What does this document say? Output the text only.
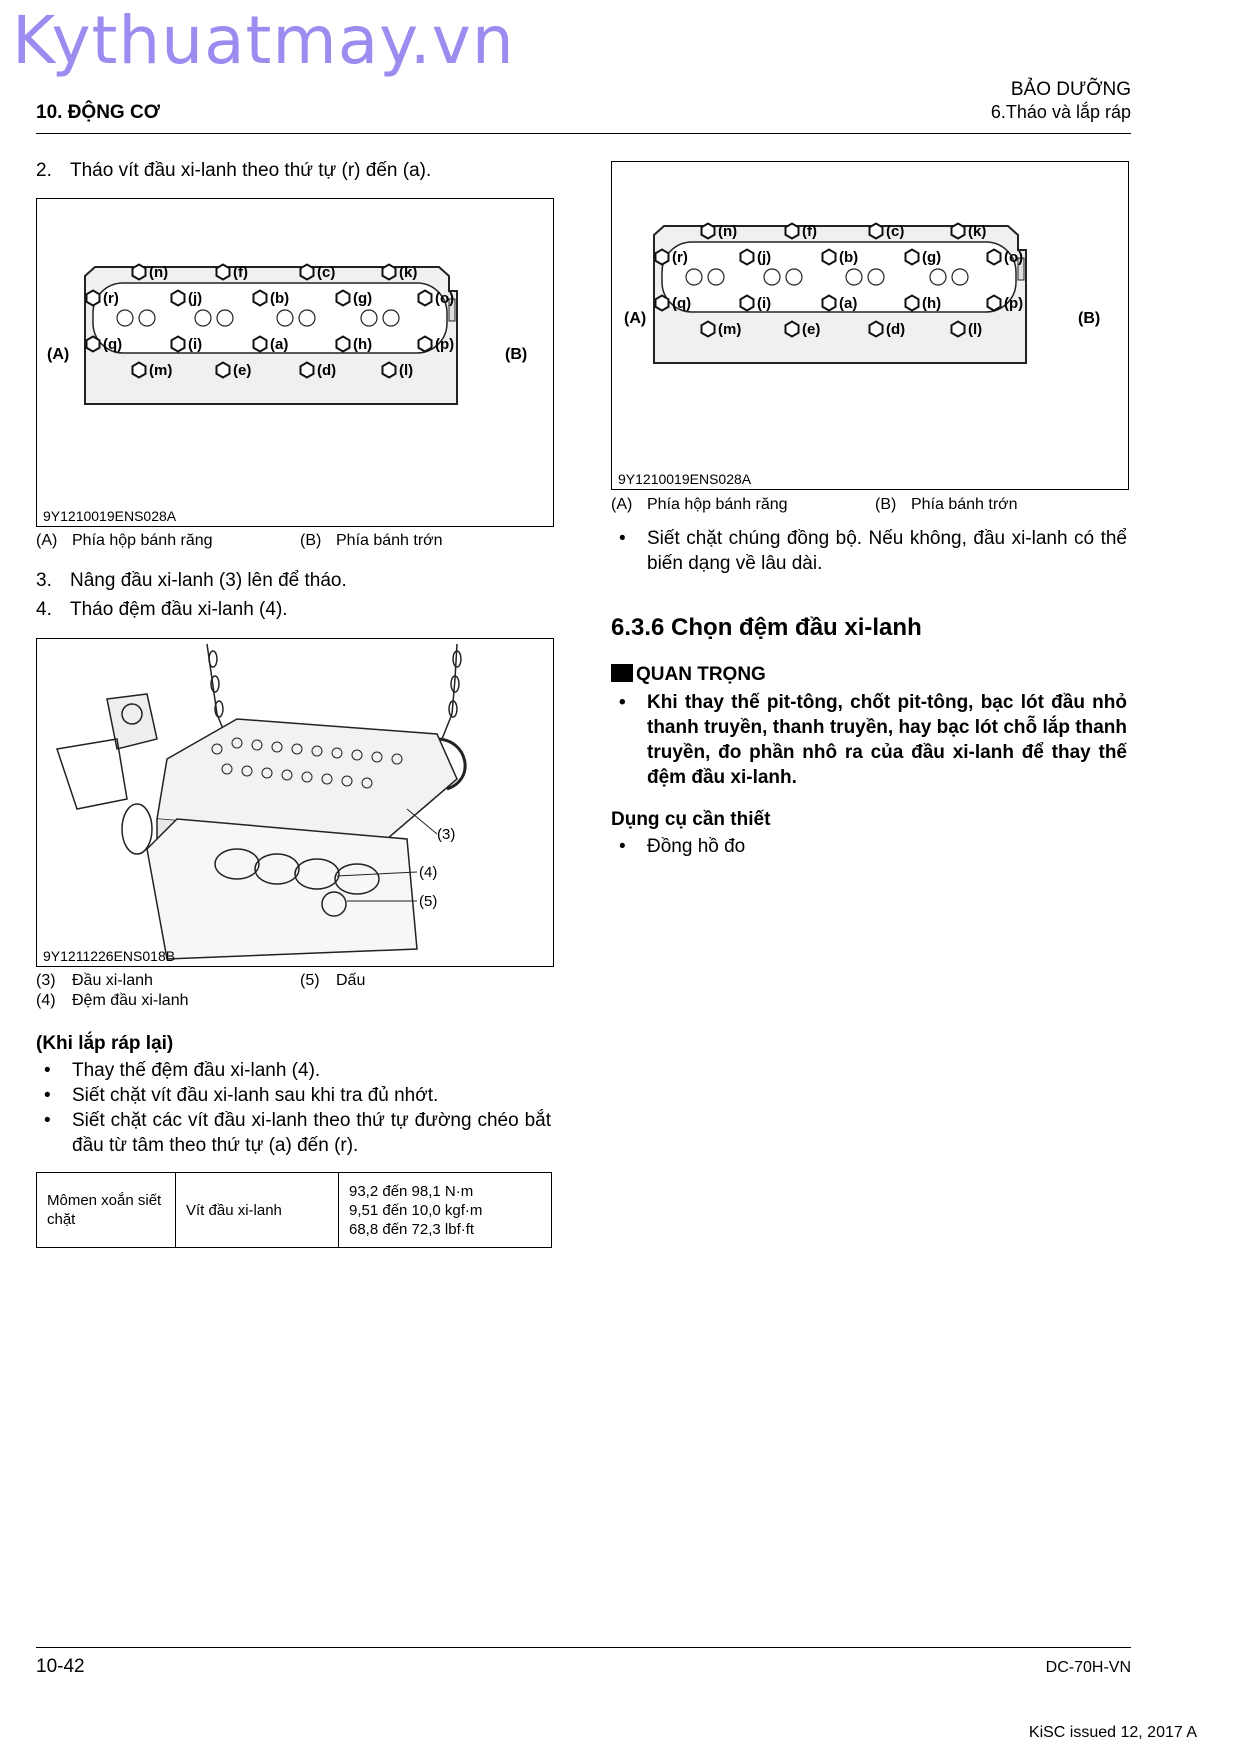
Kythuatmay.vn
10. ĐỘNG CƠ
BẢO DƯỠNG
6.Tháo và lắp ráp
2. Tháo vít đầu xi-lanh theo thứ tự (r) đến (a).
(n)	(f)	(c)	(k)
(r)	(j)	(b)	(g)	(o)
(q)	(i)	(a)	(h)	(p)
(m)	(e)	(d)	(l)
(A)	(B)
9Y1210019ENS028A
(A) Phía hộp bánh răng	(B) Phía bánh trớn
3. Nâng đầu xi-lanh (3) lên để tháo.
4. Tháo đệm đầu xi-lanh (4).
(3)
(4)
(5)
9Y1211226ENS018B
(3) Đầu xi-lanh	(5) Dấu
(4) Đệm đầu xi-lanh
(Khi lắp ráp lại)
• Thay thế đệm đầu xi-lanh (4).
• Siết chặt vít đầu xi-lanh sau khi tra đủ nhớt.
• Siết chặt các vít đầu xi-lanh theo thứ tự đường chéo bắt đầu từ tâm theo thứ tự (a) đến (r).
Mômen xoắn siết chặt	Vít đầu xi-lanh	
93,2 đến 98,1 N·m
9,51 đến 10,0 kgf·m
68,8 đến 72,3 lbf·ft
(n)	(f)	(c)	(k)
(r)	(j)	(b)	(g)	(o)
(q)	(i)	(a)	(h)	(p)
(m)	(e)	(d)	(l)
(A)	(B)
9Y1210019ENS028A
(A) Phía hộp bánh răng	(B) Phía bánh trớn
• Siết chặt chúng đồng bộ. Nếu không, đầu xi-lanh có thể biến dạng về lâu dài.
6.3.6 Chọn đệm đầu xi-lanh
QUAN TRỌNG
• Khi thay thế pit-tông, chốt pit-tông, bạc lót đầu nhỏ thanh truyền, thanh truyền, hay bạc lót chỗ lắp thanh truyền, đo phần nhô ra của đầu xi-lanh để thay thế đệm đầu xi-lanh.
Dụng cụ cần thiết
• Đồng hồ đo
10-42	DC-70H-VN
KiSC issued 12, 2017 A
